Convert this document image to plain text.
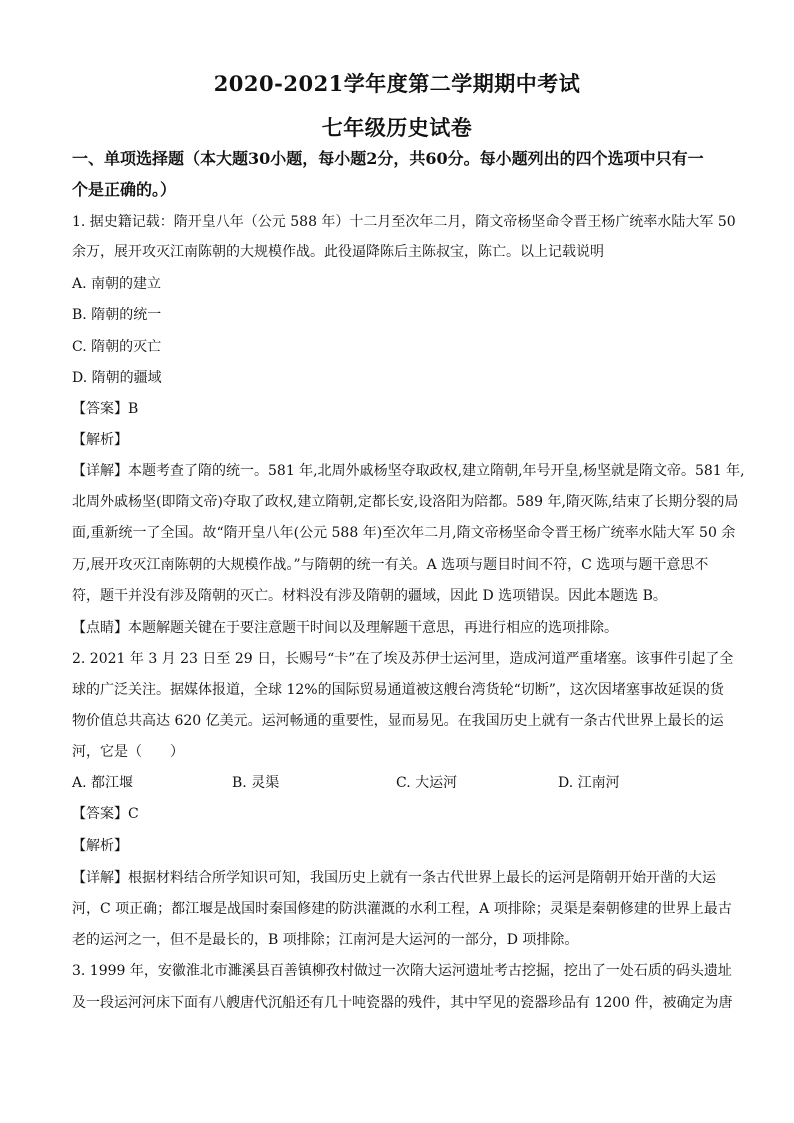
2020-2021学年度第二学期期中考试
七年级历史试卷
一、单项选择题（本大题30小题，每小题2分，共60分。每小题列出的四个选项中只有一
个是正确的。）
1. 据史籍记载：隋开皇八年（公元 588 年）十二月至次年二月，隋文帝杨坚命令晋王杨广统率水陆大军 50
余万，展开攻灭江南陈朝的大规模作战。此役逼降陈后主陈叔宝，陈亡。以上记载说明
A. 南朝的建立
B. 隋朝的统一
C. 隋朝的灭亡
D. 隋朝的疆域
【答案】B
【解析】
【详解】本题考查了隋的统一。581 年,北周外戚杨坚夺取政权,建立隋朝,年号开皇,杨坚就是隋文帝。581 年,
北周外戚杨坚(即隋文帝)夺取了政权,建立隋朝,定都长安,设洛阳为陪都。589 年,隋灭陈,结束了长期分裂的局
面,重新统一了全国。故“隋开皇八年(公元 588 年)至次年二月,隋文帝杨坚命令晋王杨广统率水陆大军 50 余
万,展开攻灭江南陈朝的大规模作战。”与隋朝的统一有关。A 选项与题目时间不符，C 选项与题干意思不
符，题干并没有涉及隋朝的灭亡。材料没有涉及隋朝的疆域，因此 D 选项错误。因此本题选 B。
【点睛】本题解题关键在于要注意题干时间以及理解题干意思，再进行相应的选项排除。
2. 2021 年 3 月 23 日至 29 日，长赐号“卡”在了埃及苏伊士运河里，造成河道严重堵塞。该事件引起了全
球的广泛关注。据媒体报道，全球 12%的国际贸易通道被这艘台湾货轮“切断”，这次因堵塞事故延误的货
物价值总共高达 620 亿美元。运河畅通的重要性，显而易见。在我国历史上就有一条古代世界上最长的运
河，它是（　　）
A. 都江堰	B. 灵渠	C. 大运河	D. 江南河
【答案】C
【解析】
【详解】根据材料结合所学知识可知，我国历史上就有一条古代世界上最长的运河是隋朝开始开凿的大运
河，C 项正确；都江堰是战国时秦国修建的防洪灌溉的水利工程，A 项排除；灵渠是秦朝修建的世界上最古
老的运河之一，但不是最长的，B 项排除；江南河是大运河的一部分，D 项排除。
3. 1999 年，安徽淮北市濉溪县百善镇柳孜村做过一次隋大运河遗址考古挖掘，挖出了一处石质的码头遗址
及一段运河河床下面有八艘唐代沉船还有几十吨瓷器的残件，其中罕见的瓷器珍品有 1200 件，被确定为唐
